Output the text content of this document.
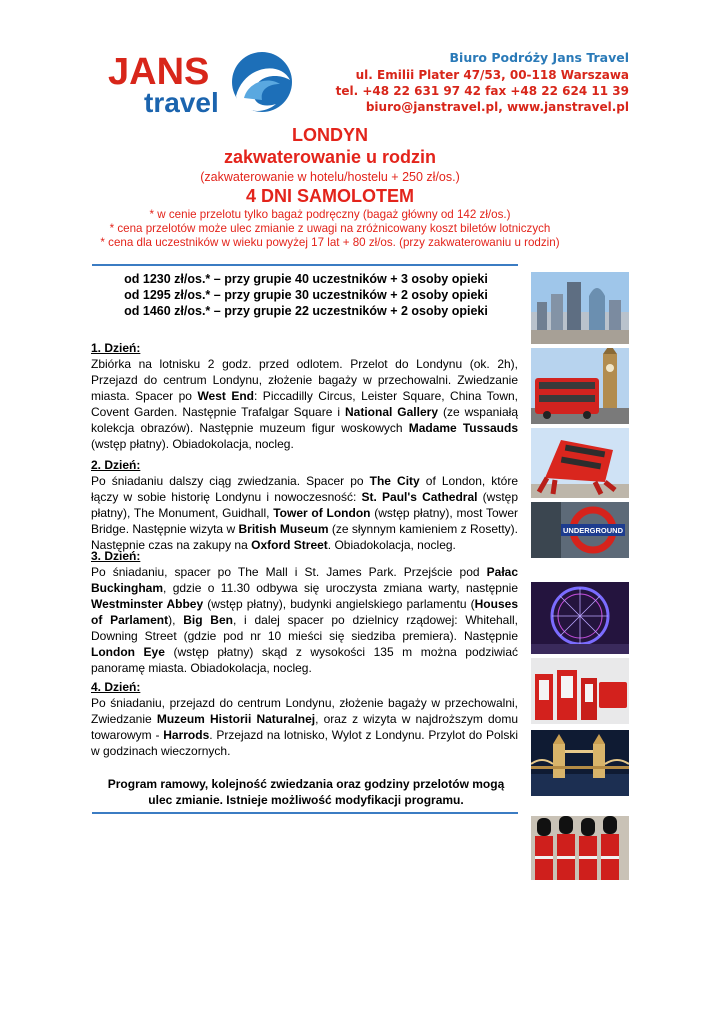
JANS
travel
Biuro Podróży Jans Travel
ul. Emilii Plater 47/53, 00-118 Warszawa
tel. +48 22 631 97 42 fax +48 22 624 11 39
biuro@janstravel.pl, www.janstravel.pl
LONDYN
zakwaterowanie u rodzin
(zakwaterowanie w hotelu/hostelu + 250 zł/os.)
4 DNI SAMOLOTEM
* w cenie przelotu tylko bagaż podręczny (bagaż główny od 142 zł/os.)
* cena przelotów może ulec zmianie z uwagi na zróżnicowany koszt biletów lotniczych
* cena dla uczestników w wieku powyżej 17 lat + 80 zł/os. (przy zakwaterowaniu u rodzin)
od 1230 zł/os.* – przy grupie 40 uczestników + 3 osoby opieki
od 1295 zł/os.* – przy grupie 30 uczestników + 2 osoby opieki
od 1460 zł/os.* – przy grupie 22 uczestników + 2 osoby opieki
1. Dzień:

Zbiórka na lotnisku 2 godz. przed odlotem. Przelot do Londynu (ok. 2h), Przejazd do centrum Londynu, złożenie bagaży w przechowalni. Zwiedzanie miasta. Spacer po West End: Piccadilly Circus, Leister Square, China Town, Covent Garden. Następnie Trafalgar Square i National Gallery (ze wspaniałą kolekcja obrazów). Następnie muzeum figur woskowych Madame Tussauds (wstęp płatny). Obiadokolacja, nocleg.

2. Dzień:

Po śniadaniu dalszy ciąg zwiedzania. Spacer po The City of London, które łączy w sobie historię Londynu i nowoczesność: St. Paul's Cathedral (wstęp płatny), The Monument, Guidhall, Tower of London (wstęp płatny), most Tower Bridge. Następnie wizyta w British Museum (ze słynnym kamieniem z Rosetty). Następnie czas na zakupy na Oxford Street. Obiadokolacja, nocleg.

3. Dzień:

Po śniadaniu, spacer po The Mall i St. James Park. Przejście pod Pałac Buckingham, gdzie o 11.30 odbywa się uroczysta zmiana warty, następnie Westminster Abbey (wstęp płatny), budynki angielskiego parlamentu (Houses of Parlament), Big Ben, i dalej spacer po dzielnicy rządowej: Whitehall, Downing Street (gdzie pod nr 10 mieści się siedziba premiera). Następnie London Eye (wstęp płatny) skąd z wysokości 135 m można podziwiać panoramę miasta. Obiadokolacja, nocleg.

4. Dzień:

Po śniadaniu, przejazd do centrum Londynu, złożenie bagaży w przechowalni, Zwiedzanie Muzeum Historii Naturalnej, oraz z wizyta w najdroższym domu towarowym - Harrods. Przejazd na lotnisko, Wylot z Londynu. Przylot do Polski w godzinach wieczornych.

Program ramowy, kolejność zwiedzania oraz godziny przelotów mogą ulec zmianie. Istnieje możliwość modyfikacji programu.
UNDERGROUND
